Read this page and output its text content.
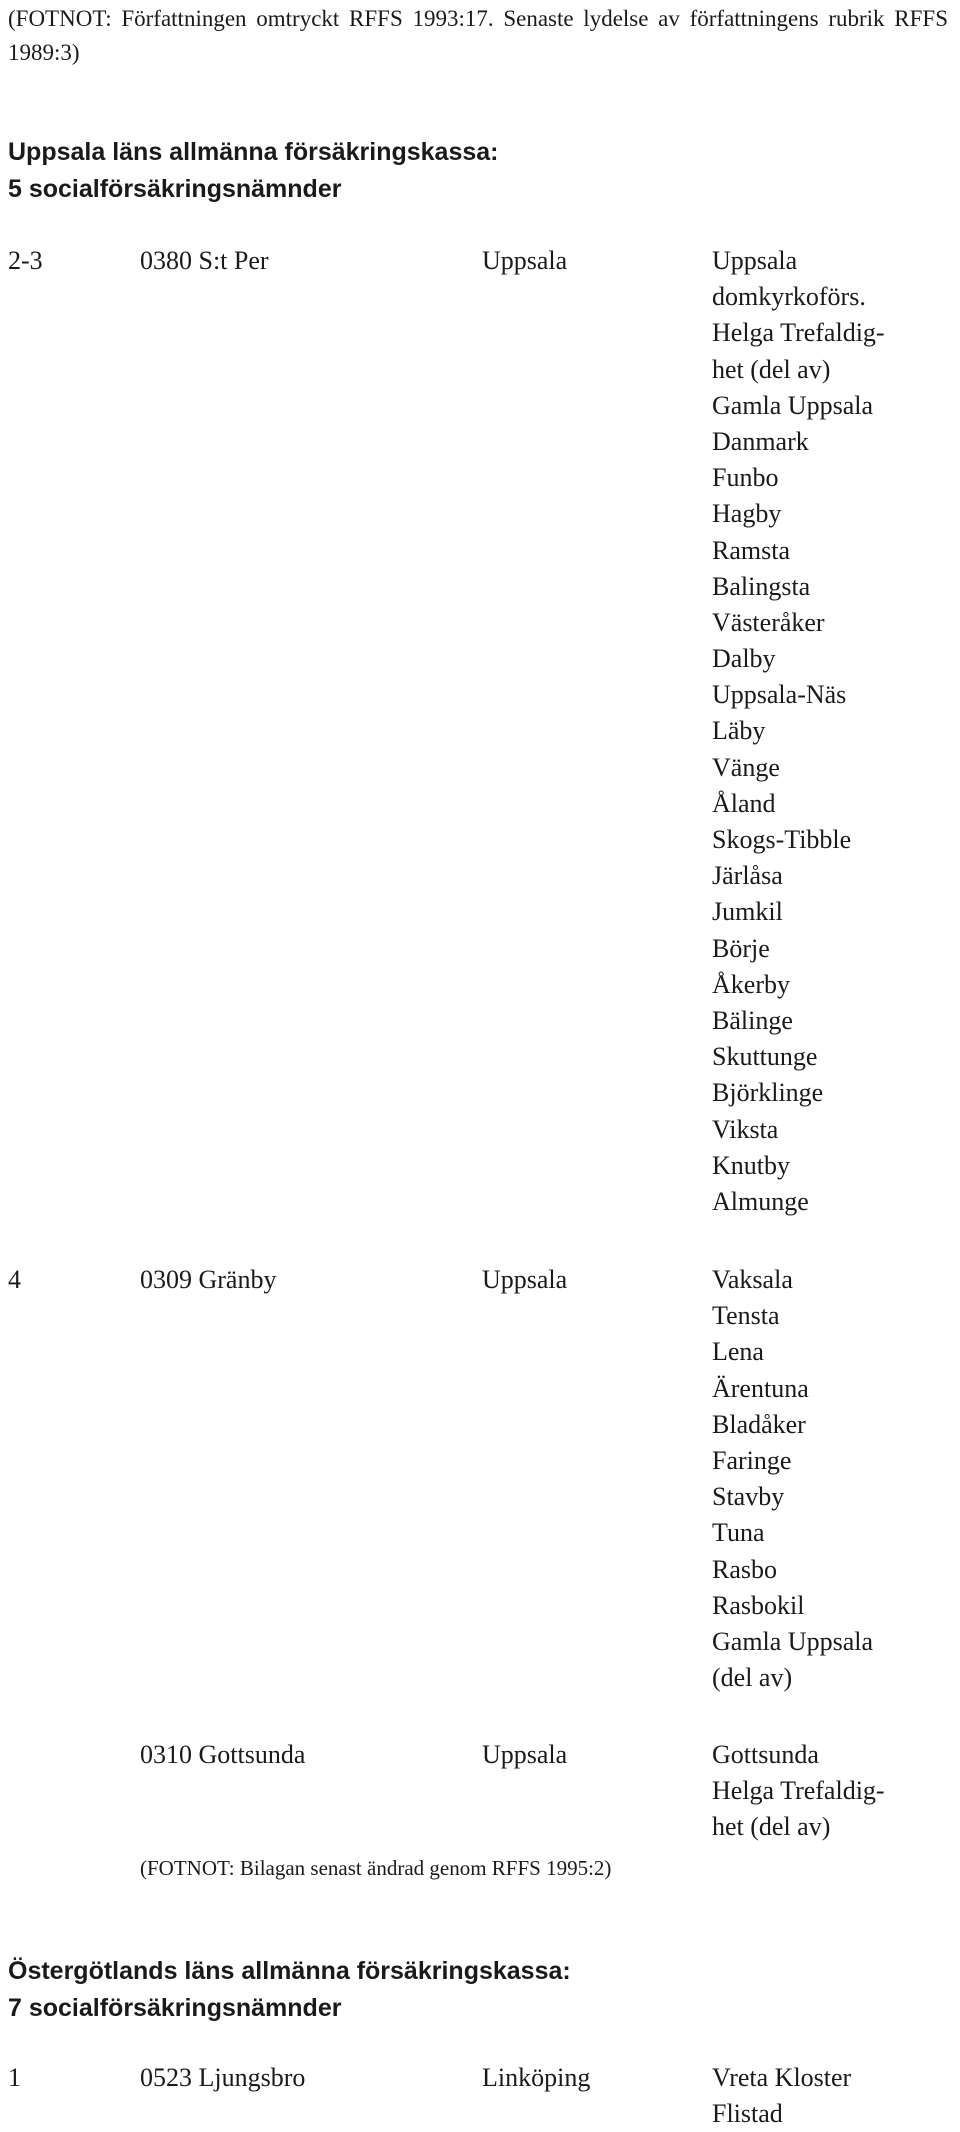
(FOTNOT: Författningen omtryckt RFFS 1993:17. Senaste lydelse av författningens rubrik RFFS 1989:3)

Uppsala läns allmänna försäkringskassa:
5 socialförsäkringsnämnder
2-3	0380 S:t Per	Uppsala	Uppsala
domkyrkoförs.
Helga Trefaldig-
het (del av)
Gamla Uppsala
Danmark
Funbo
Hagby
Ramsta
Balingsta
Västeråker
Dalby
Uppsala-Näs
Läby
Vänge
Åland
Skogs-Tibble
Järlåsa
Jumkil
Börje
Åkerby
Bälinge
Skuttunge
Björklinge
Viksta
Knutby
Almunge
4	0309 Gränby	Uppsala	Vaksala
Tensta
Lena
Ärentuna
Bladåker
Faringe
Stavby
Tuna
Rasbo
Rasbokil
Gamla Uppsala
(del av)
0310 Gottsunda	Uppsala	Gottsunda
Helga Trefaldig-
het (del av)
(FOTNOT: Bilagan senast ändrad genom RFFS 1995:2)
Östergötlands läns allmänna försäkringskassa:
7 socialförsäkringsnämnder
1	0523 Ljungsbro	Linköping	Vreta Kloster
Flistad
